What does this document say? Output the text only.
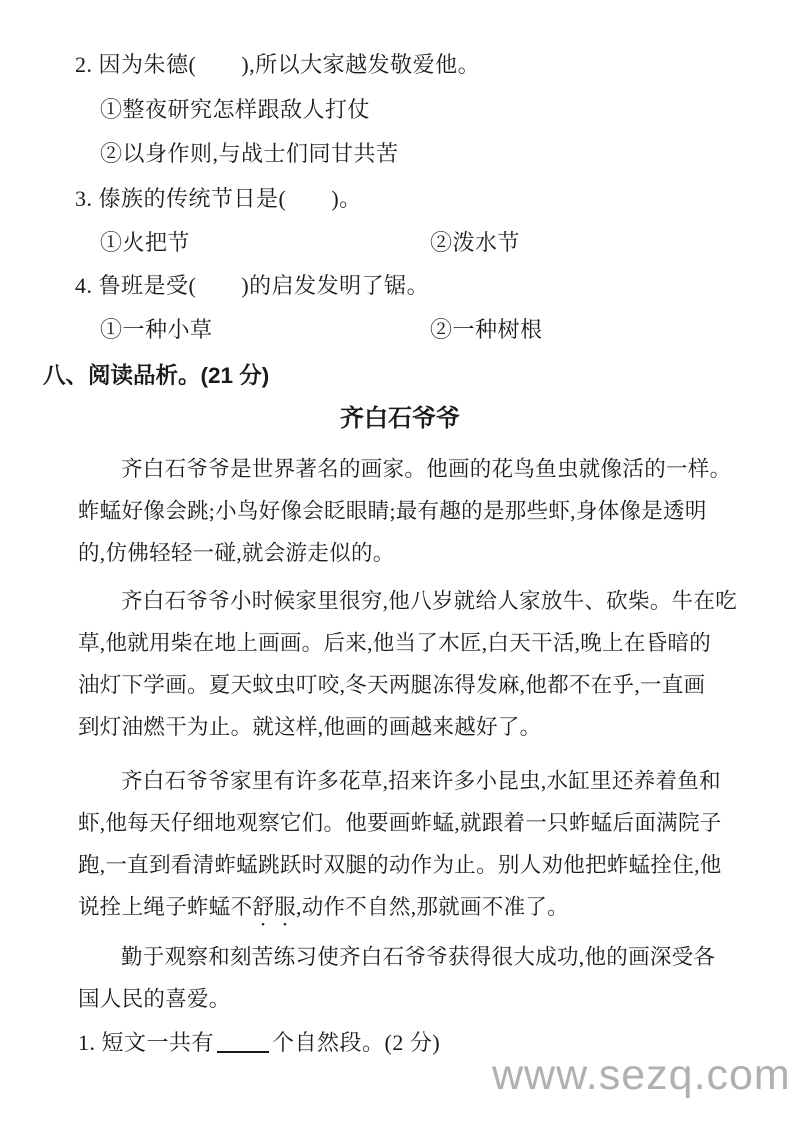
2. 因为朱德(　　),所以大家越发敬爱他。
①整夜研究怎样跟敌人打仗
②以身作则,与战士们同甘共苦
3. 傣族的传统节日是(　　)。
①火把节	②泼水节
4. 鲁班是受(　　)的启发发明了锯。
①一种小草	②一种树根
八、阅读品析。(21 分)
齐白石爷爷
齐白石爷爷是世界著名的画家。他画的花鸟鱼虫就像活的一样。
蚱蜢好像会跳;小鸟好像会眨眼睛;最有趣的是那些虾,身体像是透明
的,仿佛轻轻一碰,就会游走似的。
齐白石爷爷小时候家里很穷,他八岁就给人家放牛、砍柴。牛在吃
草,他就用柴在地上画画。后来,他当了木匠,白天干活,晚上在昏暗的
油灯下学画。夏天蚊虫叮咬,冬天两腿冻得发麻,他都不在乎,一直画
到灯油燃干为止。就这样,他画的画越来越好了。
齐白石爷爷家里有许多花草,招来许多小昆虫,水缸里还养着鱼和
虾,他每天仔细地观察它们。他要画蚱蜢,就跟着一只蚱蜢后面满院子
跑,一直到看清蚱蜢跳跃时双腿的动作为止。别人劝他把蚱蜢拴住,他
说拴上绳子蚱蜢不舒服,动作不自然,那就画不准了。
勤于观察和刻苦练习使齐白石爷爷获得很大成功,他的画深受各
国人民的喜爱。
1. 短文一共有	个自然段。(2 分)
www.sezq.com
